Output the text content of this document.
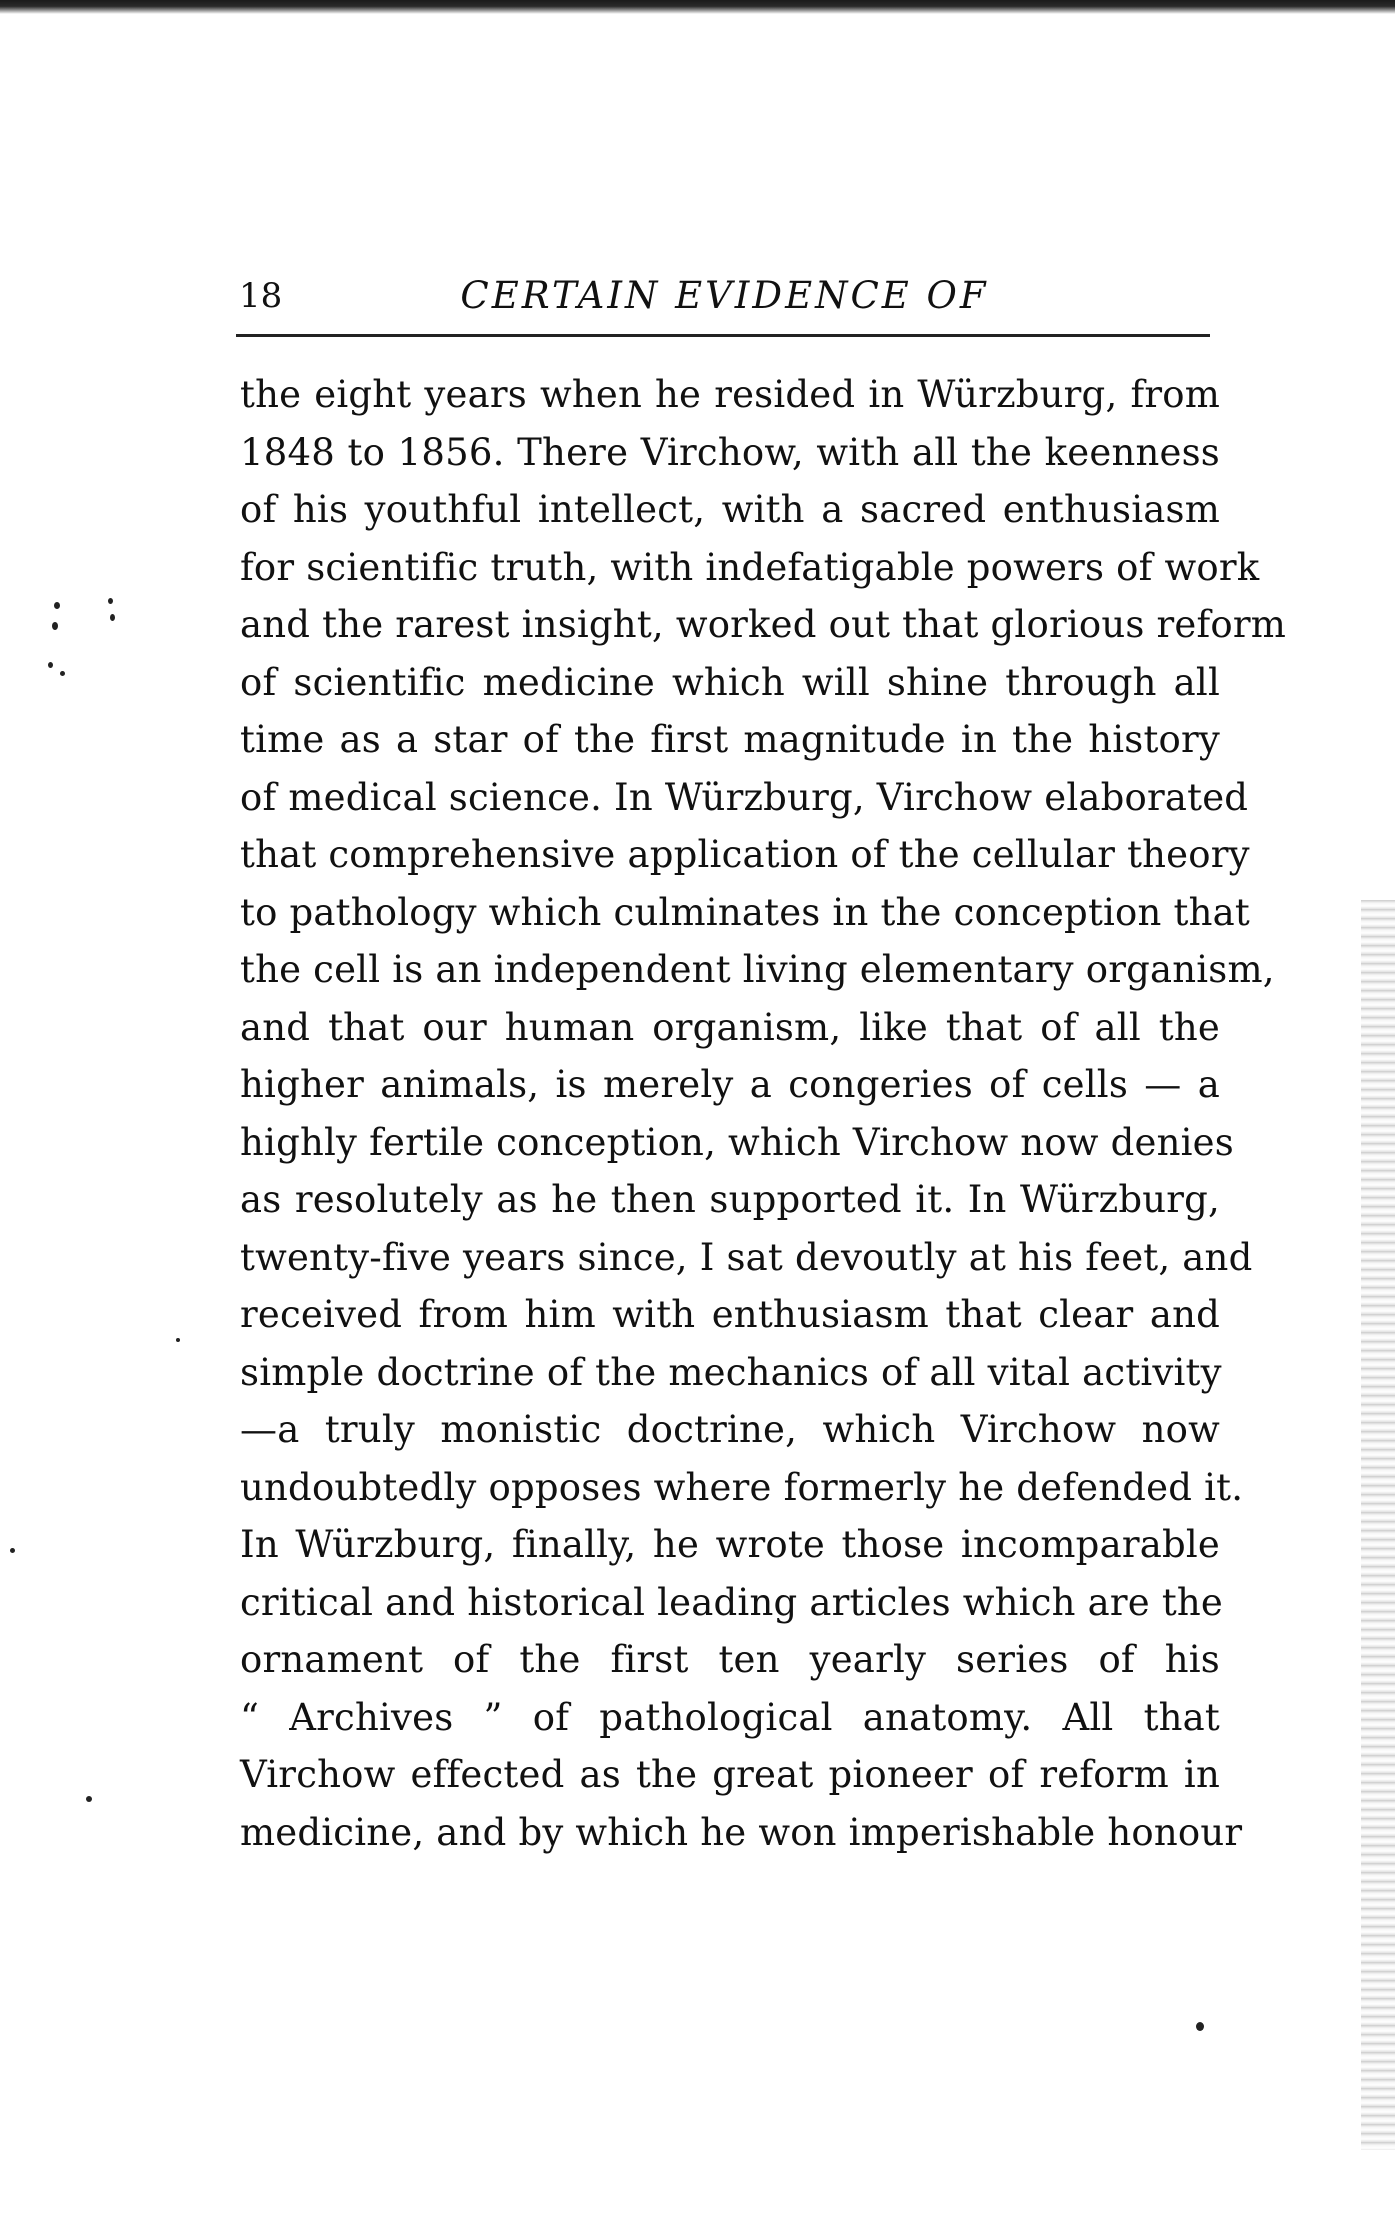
18	CERTAIN EVIDENCE OF
the eight years when he resided in Würzburg, from
1848 to 1856. There Virchow, with all the keenness
of his youthful intellect, with a sacred enthusiasm
for scientific truth, with indefatigable powers of work
and the rarest insight, worked out that glorious reform
of scientific medicine which will shine through all
time as a star of the first magnitude in the history
of medical science. In Würzburg, Virchow elaborated
that comprehensive application of the cellular theory
to pathology which culminates in the conception that
the cell is an independent living elementary organism,
and that our human organism, like that of all the
higher animals, is merely a congeries of cells — a
highly fertile conception, which Virchow now denies
as resolutely as he then supported it. In Würzburg,
twenty-five years since, I sat devoutly at his feet, and
received from him with enthusiasm that clear and
simple doctrine of the mechanics of all vital activity
—a truly monistic doctrine, which Virchow now
undoubtedly opposes where formerly he defended it.
In Würzburg, finally, he wrote those incomparable
critical and historical leading articles which are the
ornament of the first ten yearly series of his
“ Archives ” of pathological anatomy. All that
Virchow effected as the great pioneer of reform in
medicine, and by which he won imperishable honour
